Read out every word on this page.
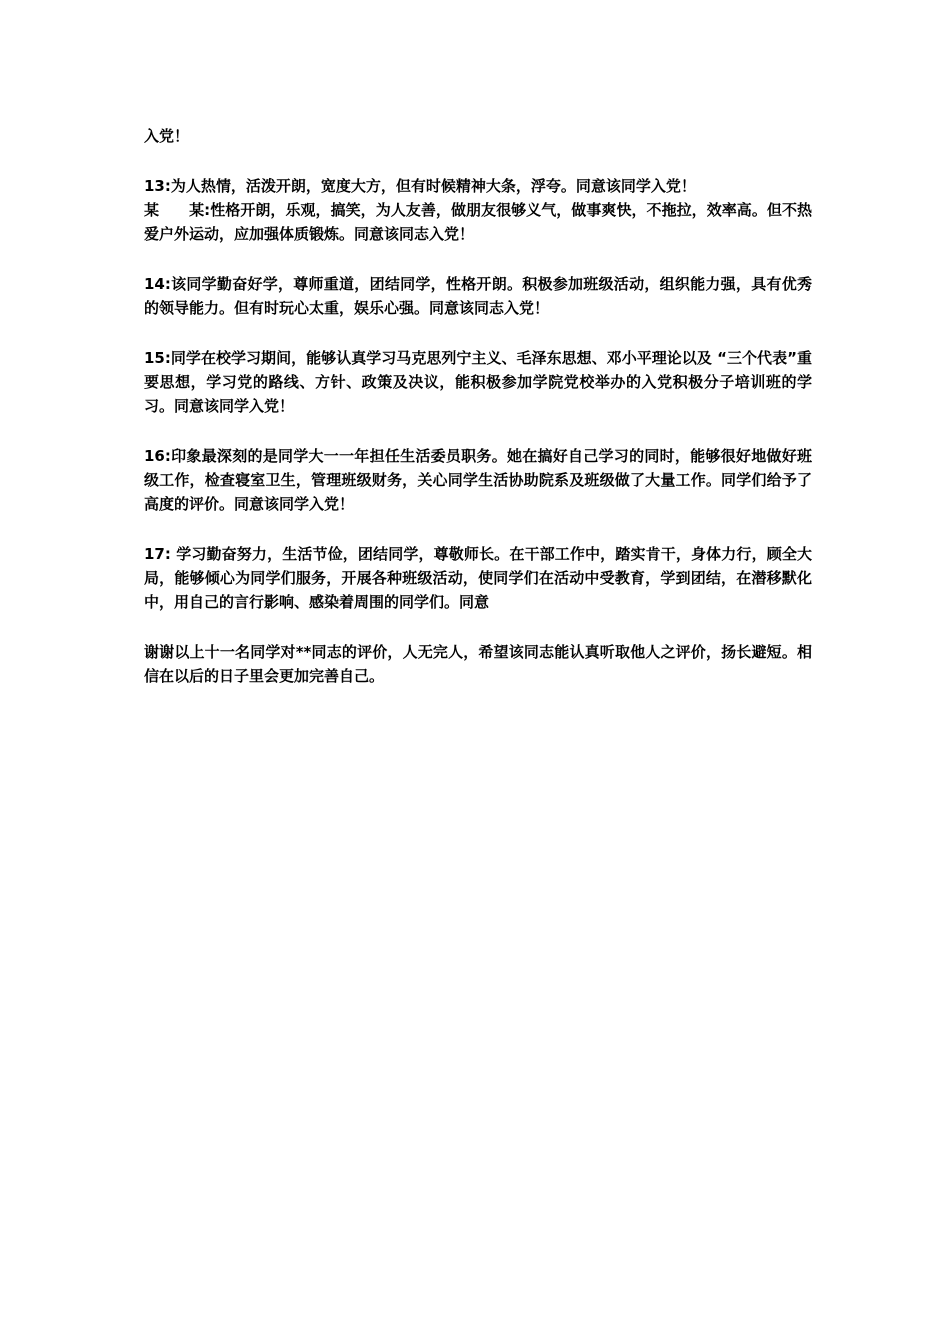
入党！

13:为人热情，活泼开朗，宽度大方，但有时候精神大条，浮夸。同意该同学入党！

某　　某:性格开朗，乐观，搞笑，为人友善，做朋友很够义气，做事爽快，不拖拉，效率高。但不热爱户外运动，应加强体质锻炼。同意该同志入党！

14:该同学勤奋好学，尊师重道，团结同学，性格开朗。积极参加班级活动，组织能力强，具有优秀的领导能力。但有时玩心太重，娱乐心强。同意该同志入党！

15:同学在校学习期间，能够认真学习马克思列宁主义、毛泽东思想、邓小平理论以及 “三个代表”重要思想，学习党的路线、方针、政策及决议，能积极参加学院党校举办的入党积极分子培训班的学习。同意该同学入党！

16:印象最深刻的是同学大一一年担任生活委员职务。她在搞好自己学习的同时，能够很好地做好班级工作，检查寝室卫生，管理班级财务，关心同学生活协助院系及班级做了大量工作。同学们给予了高度的评价。同意该同学入党！

17: 学习勤奋努力，生活节俭，团结同学，尊敬师长。在干部工作中，踏实肯干，身体力行，顾全大局，能够倾心为同学们服务，开展各种班级活动，使同学们在活动中受教育，学到团结，在潜移默化中，用自己的言行影响、感染着周围的同学们。同意

谢谢以上十一名同学对**同志的评价，人无完人，希望该同志能认真听取他人之评价，扬长避短。相信在以后的日子里会更加完善自己。
